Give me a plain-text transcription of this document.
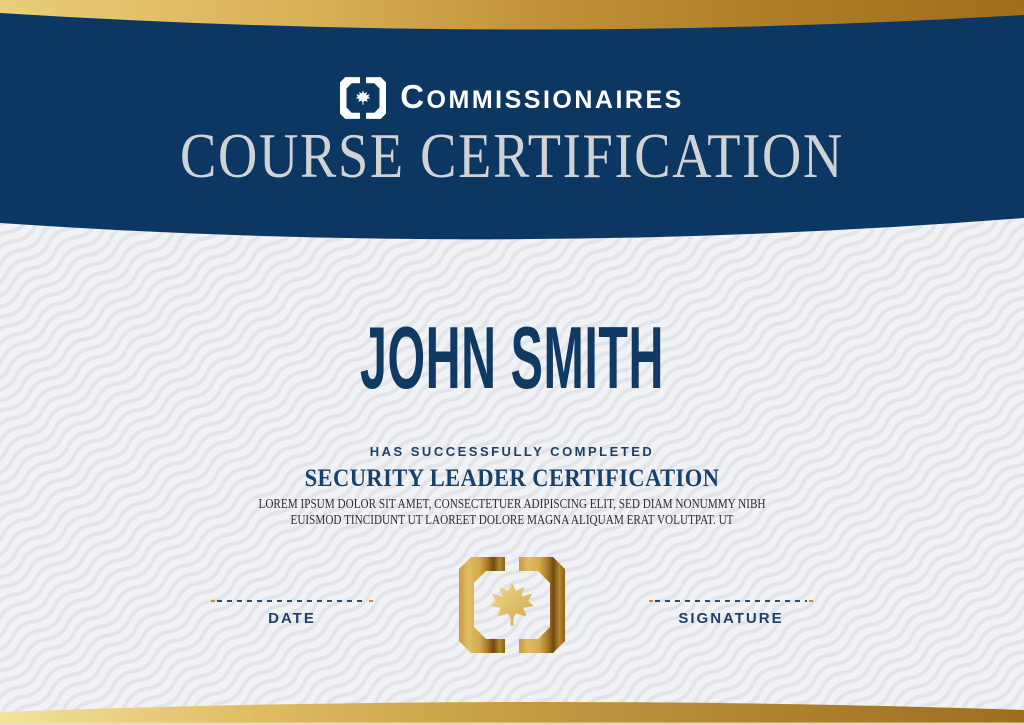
COMMISSIONAIRES
COURSE CERTIFICATION
JOHN SMITH
HAS SUCCESSFULLY COMPLETED
SECURITY LEADER CERTIFICATION
LOREM IPSUM DOLOR SIT AMET, CONSECTETUER ADIPISCING ELIT, SED DIAM NONUMMY NIBH
EUISMOD TINCIDUNT UT LAOREET DOLORE MAGNA ALIQUAM ERAT VOLUTPAT. UT
DATE	SIGNATURE
